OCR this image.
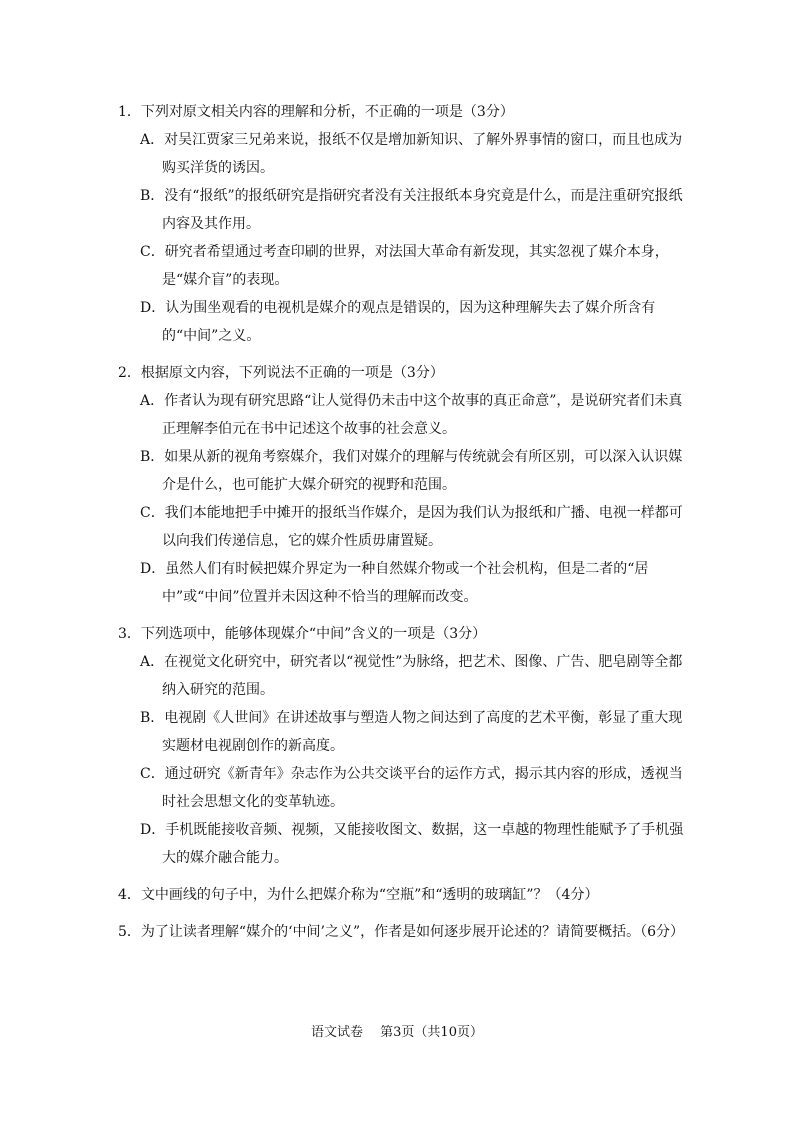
1．下列对原文相关内容的理解和分析，不正确的一项是（3分）
A．对吴江贾家三兄弟来说，报纸不仅是增加新知识、了解外界事情的窗口，而且也成为购买洋货的诱因。
B．没有“报纸”的报纸研究是指研究者没有关注报纸本身究竟是什么，而是注重研究报纸内容及其作用。
C．研究者希望通过考查印刷的世界，对法国大革命有新发现，其实忽视了媒介本身，是“媒介盲”的表现。
D．认为围坐观看的电视机是媒介的观点是错误的，因为这种理解失去了媒介所含有的“中间”之义。
2．根据原文内容，下列说法不正确的一项是（3分）
A．作者认为现有研究思路“让人觉得仍未击中这个故事的真正命意”，是说研究者们未真正理解李伯元在书中记述这个故事的社会意义。
B．如果从新的视角考察媒介，我们对媒介的理解与传统就会有所区别，可以深入认识媒介是什么，也可能扩大媒介研究的视野和范围。
C．我们本能地把手中摊开的报纸当作媒介，是因为我们认为报纸和广播、电视一样都可以向我们传递信息，它的媒介性质毋庸置疑。
D．虽然人们有时候把媒介界定为一种自然媒介物或一个社会机构，但是二者的“居中”或“中间”位置并未因这种不恰当的理解而改变。
3．下列选项中，能够体现媒介“中间”含义的一项是（3分）
A．在视觉文化研究中，研究者以“视觉性”为脉络，把艺术、图像、广告、肥皂剧等全都纳入研究的范围。
B．电视剧《人世间》在讲述故事与塑造人物之间达到了高度的艺术平衡，彰显了重大现实题材电视剧创作的新高度。
C．通过研究《新青年》杂志作为公共交谈平台的运作方式，揭示其内容的形成，透视当时社会思想文化的变革轨迹。
D．手机既能接收音频、视频，又能接收图文、数据，这一卓越的物理性能赋予了手机强大的媒介融合能力。
4．文中画线的句子中，为什么把媒介称为“空瓶”和“透明的玻璃缸”？（4分）
5．为了让读者理解“媒介的‘中间’之义”，作者是如何逐步展开论述的？请简要概括。（6分）
语文试卷　 第3页（共10页）
